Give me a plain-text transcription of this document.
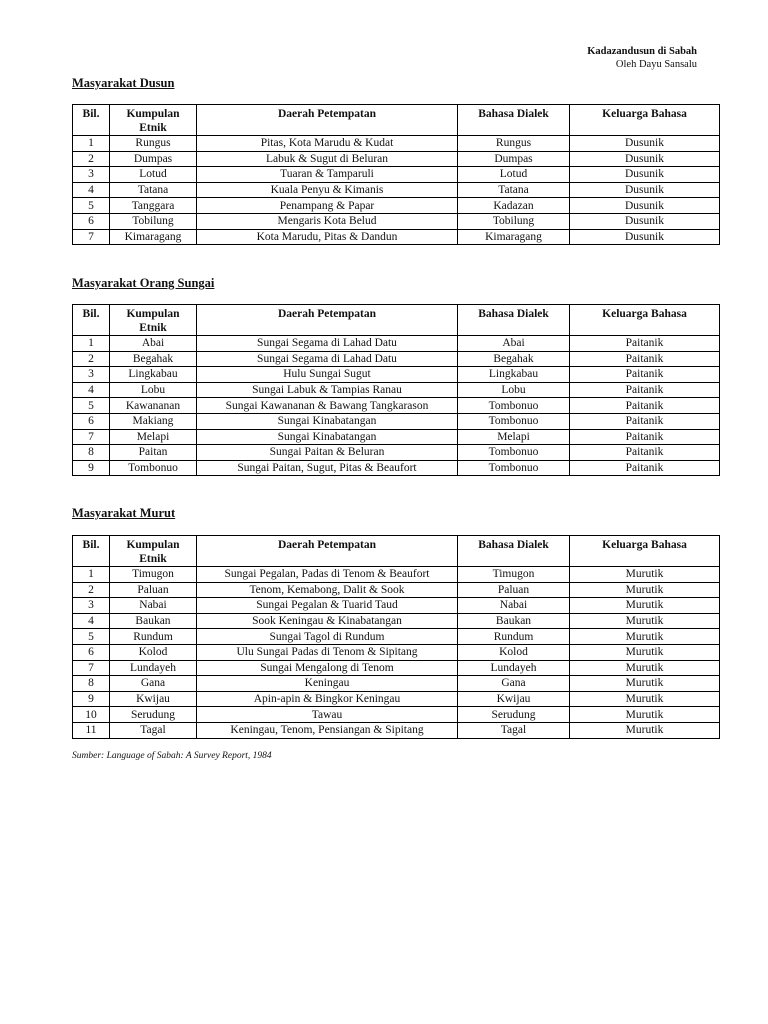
Kadazandusun di Sabah
Oleh Dayu Sansalu
Masyarakat Dusun
Bil.	Kumpulan Etnik	Daerah Petempatan	Bahasa Dialek	Keluarga Bahasa
1	Rungus	Pitas, Kota Marudu & Kudat	Rungus	Dusunik
2	Dumpas	Labuk & Sugut di Beluran	Dumpas	Dusunik
3	Lotud	Tuaran & Tamparuli	Lotud	Dusunik
4	Tatana	Kuala Penyu & Kimanis	Tatana	Dusunik
5	Tanggara	Penampang & Papar	Kadazan	Dusunik
6	Tobilung	Mengaris Kota Belud	Tobilung	Dusunik
7	Kimaragang	Kota Marudu, Pitas & Dandun	Kimaragang	Dusunik
Masyarakat Orang Sungai
Bil.	Kumpulan Etnik	Daerah Petempatan	Bahasa Dialek	Keluarga Bahasa
1	Abai	Sungai Segama di Lahad Datu	Abai	Paitanik
2	Begahak	Sungai Segama di Lahad Datu	Begahak	Paitanik
3	Lingkabau	Hulu Sungai Sugut	Lingkabau	Paitanik
4	Lobu	Sungai Labuk & Tampias Ranau	Lobu	Paitanik
5	Kawananan	Sungai Kawananan & Bawang Tangkarason	Tombonuo	Paitanik
6	Makiang	Sungai Kinabatangan	Tombonuo	Paitanik
7	Melapi	Sungai Kinabatangan	Melapi	Paitanik
8	Paitan	Sungai Paitan & Beluran	Tombonuo	Paitanik
9	Tombonuo	Sungai Paitan, Sugut, Pitas & Beaufort	Tombonuo	Paitanik
Masyarakat Murut
Bil.	Kumpulan Etnik	Daerah Petempatan	Bahasa Dialek	Keluarga Bahasa
1	Timugon	Sungai Pegalan, Padas di Tenom & Beaufort	Timugon	Murutik
2	Paluan	Tenom, Kemabong, Dalit & Sook	Paluan	Murutik
3	Nabai	Sungai Pegalan & Tuarid Taud	Nabai	Murutik
4	Baukan	Sook Keningau & Kinabatangan	Baukan	Murutik
5	Rundum	Sungai Tagol di Rundum	Rundum	Murutik
6	Kolod	Ulu Sungai Padas di Tenom & Sipitang	Kolod	Murutik
7	Lundayeh	Sungai Mengalong di Tenom	Lundayeh	Murutik
8	Gana	Keningau	Gana	Murutik
9	Kwijau	Apin-apin & Bingkor Keningau	Kwijau	Murutik
10	Serudung	Tawau	Serudung	Murutik
11	Tagal	Keningau, Tenom, Pensiangan & Sipitang	Tagal	Murutik
Sumber: Language of Sabah: A Survey Report, 1984
